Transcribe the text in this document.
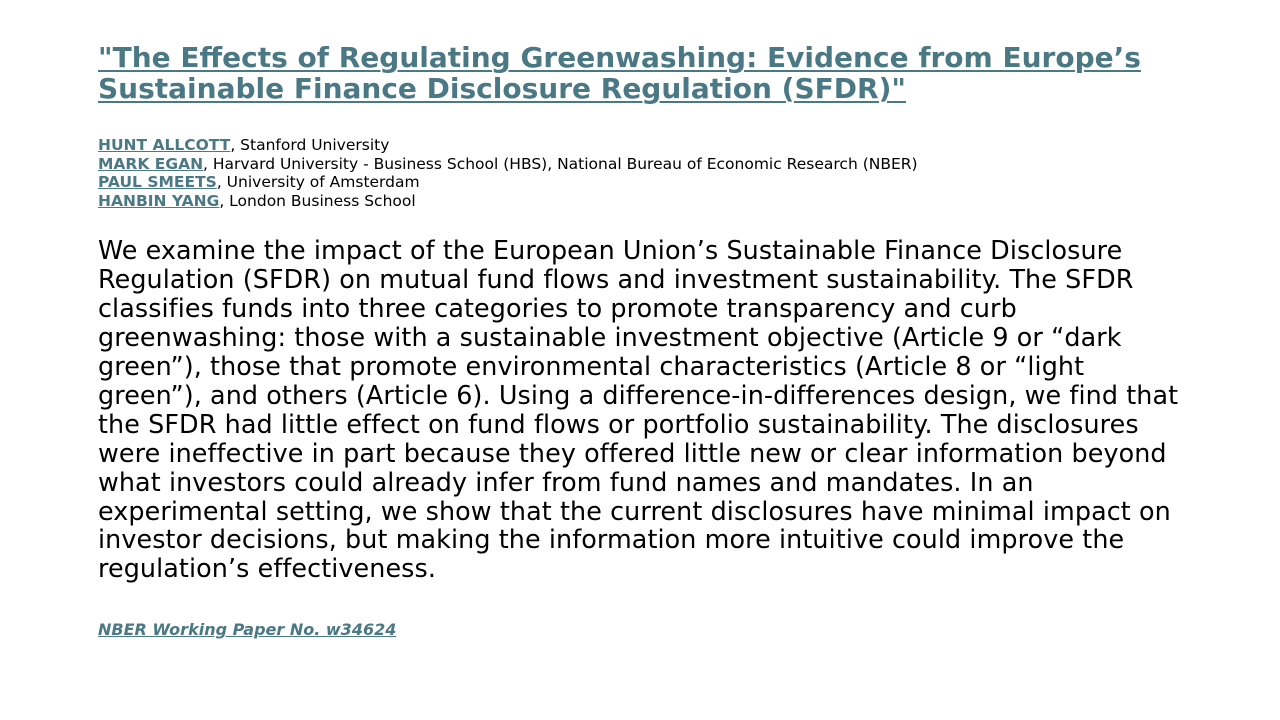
"The Effects of Regulating Greenwashing: Evidence from Europe’s Sustainable Finance Disclosure Regulation (SFDR)"
HUNT ALLCOTT, Stanford University
MARK EGAN, Harvard University - Business School (HBS), National Bureau of Economic Research (NBER)
PAUL SMEETS, University of Amsterdam
HANBIN YANG, London Business School
We examine the impact of the European Union’s Sustainable Finance Disclosure Regulation (SFDR) on mutual fund flows and investment sustainability. The SFDR classifies funds into three categories to promote transparency and curb greenwashing: those with a sustainable investment objective (Article 9 or “dark green”), those that promote environmental characteristics (Article 8 or “light green”), and others (Article 6). Using a difference-in-differences design, we find that the SFDR had little effect on fund flows or portfolio sustainability. The disclosures were ineffective in part because they offered little new or clear information beyond what investors could already infer from fund names and mandates. In an experimental setting, we show that the current disclosures have minimal impact on investor decisions, but making the information more intuitive could improve the regulation’s effectiveness.
NBER Working Paper No. w34624
